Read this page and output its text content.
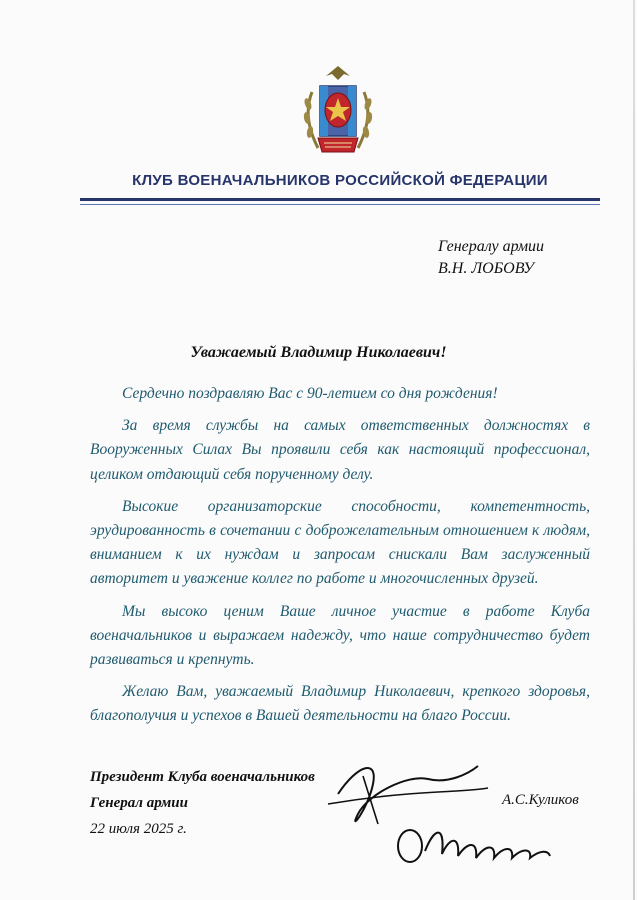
КЛУБ ВОЕНАЧАЛЬНИКОВ РОССИЙСКОЙ ФЕДЕРАЦИИ
Генералу армии
В.Н. ЛОБОВУ
Уважаемый Владимир Николаевич!

Сердечно поздравляю Вас с 90-летием со дня рождения!

За время службы на самых ответственных должностях в Вооруженных Силах Вы проявили себя как настоящий профессионал, целиком отдающий себя порученному делу.

Высокие организаторские способности, компетентность, эрудированность в сочетании с доброжелательным отношением к людям, вниманием к их нуждам и запросам снискали Вам заслуженный авторитет и уважение коллег по работе и многочисленных друзей.

Мы высоко ценим Ваше личное участие в работе Клуба военачальников и выражаем надежду, что наше сотрудничество будет развиваться и крепнуть.

Желаю Вам, уважаемый Владимир Николаевич, крепкого здоровья, благополучия и успехов в Вашей деятельности на благо России.

Президент Клуба военачальников
Генерал армии
22 июля 2025 г.
А.С.Куликов
